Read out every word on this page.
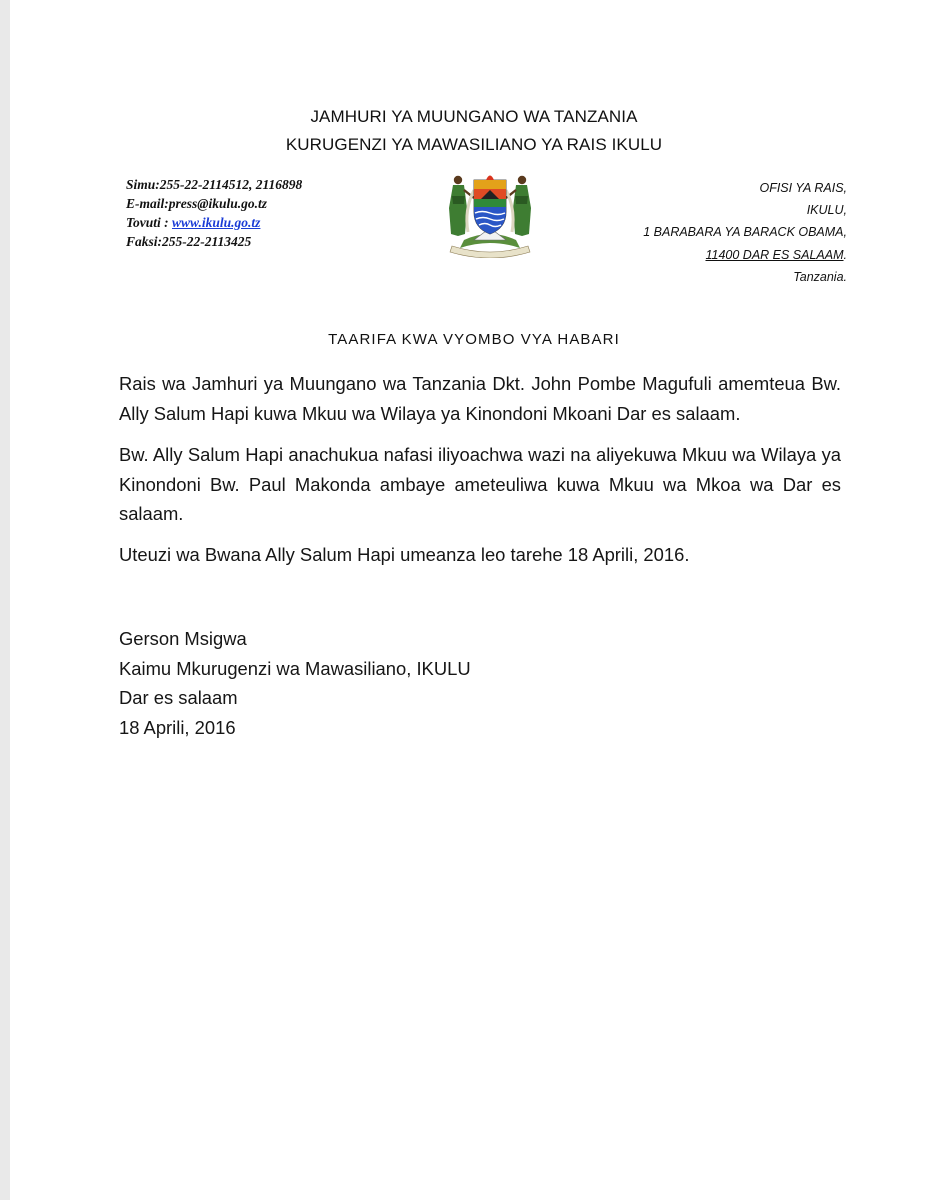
JAMHURI YA MUUNGANO WA TANZANIA
KURUGENZI YA MAWASILIANO YA RAIS IKULU
Simu:255-22-2114512, 2116898
E-mail:press@ikulu.go.tz
Tovuti : www.ikulu.go.tz
Faksi:255-22-2113425
OFISI YA RAIS,
IKULU,
1 BARABARA YA BARACK OBAMA,
11400 DAR ES SALAAM.
Tanzania.
TAARIFA KWA VYOMBO VYA HABARI
Rais wa Jamhuri ya Muungano wa Tanzania Dkt. John Pombe Magufuli amemteua Bw. Ally Salum Hapi kuwa Mkuu wa Wilaya ya Kinondoni Mkoani Dar es salaam.
Bw. Ally Salum Hapi anachukua nafasi iliyoachwa wazi na aliyekuwa Mkuu wa Wilaya ya Kinondoni Bw. Paul Makonda ambaye ameteuliwa kuwa Mkuu wa Mkoa wa Dar es salaam.
Uteuzi wa Bwana Ally Salum Hapi umeanza leo tarehe 18 Aprili, 2016.
Gerson Msigwa
Kaimu Mkurugenzi wa Mawasiliano, IKULU
Dar es salaam
18 Aprili, 2016
